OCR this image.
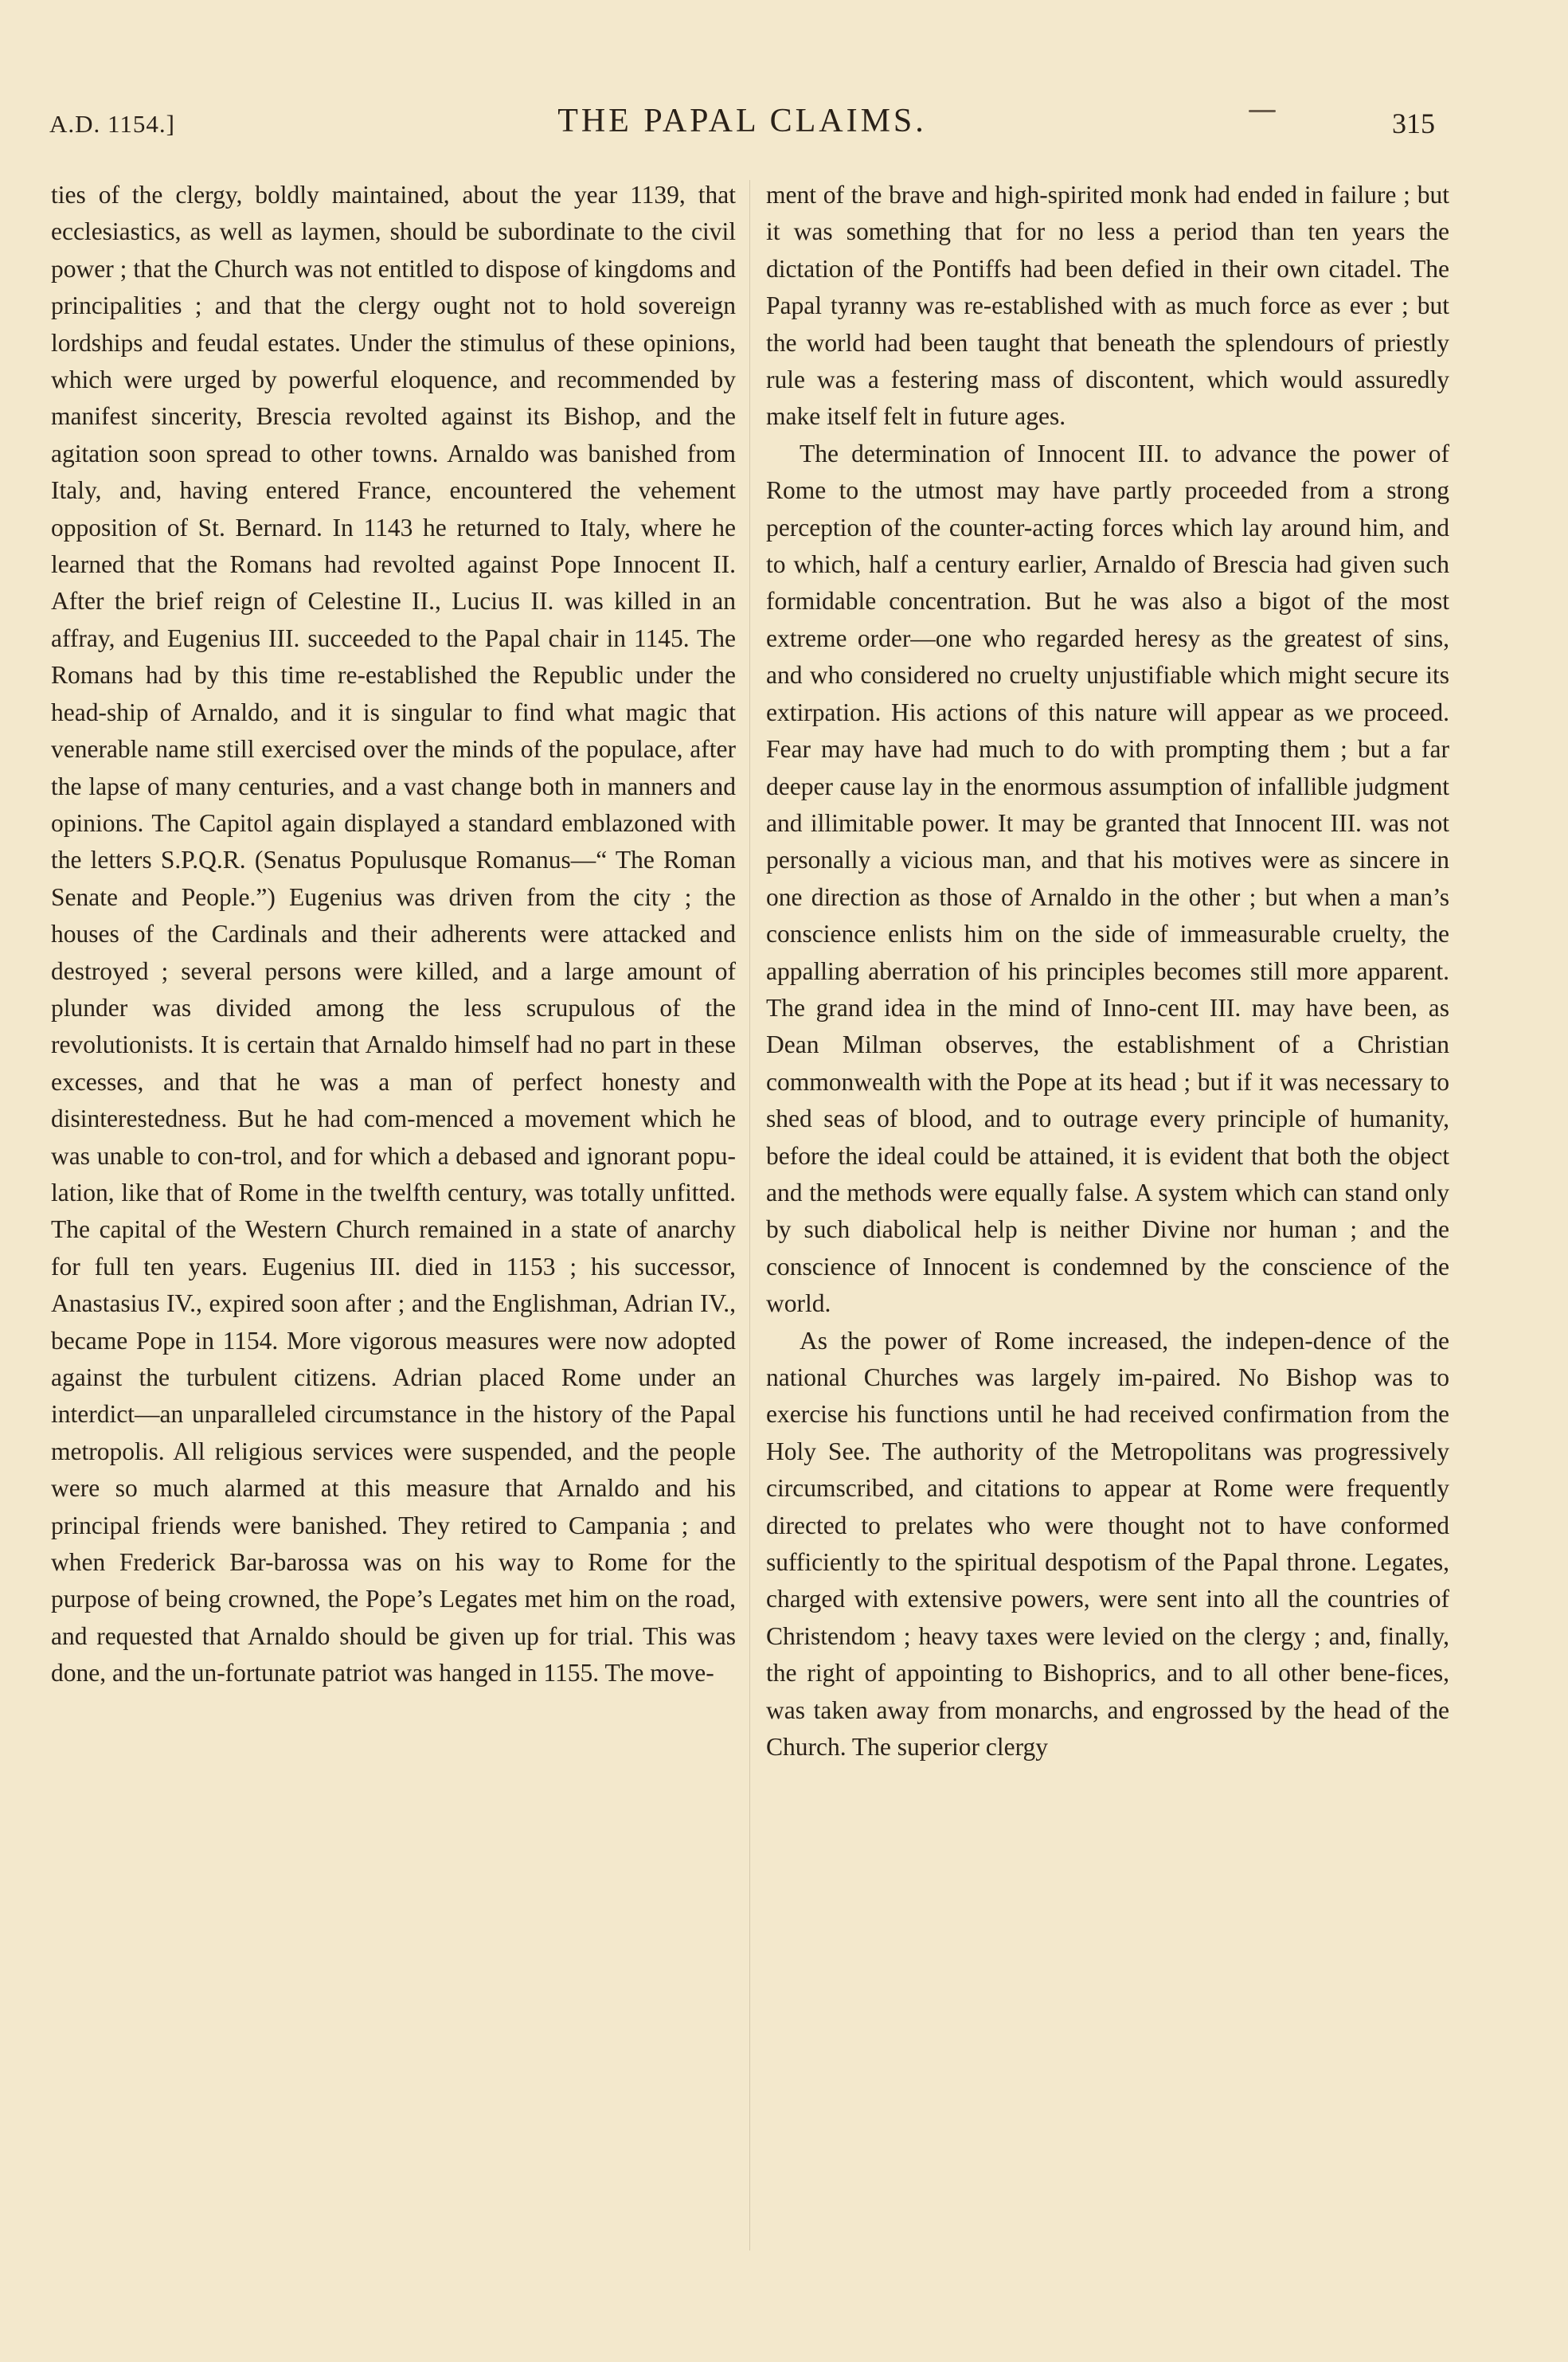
A.D. 1154.]	THE PAPAL CLAIMS.	315

ties of the clergy, boldly maintained, about the year 1139, that ecclesiastics, as well as laymen, should be subordinate to the civil power ; that the Church was not entitled to dispose of kingdoms and principalities ; and that the clergy ought not to hold sovereign lordships and feudal estates. Under the stimulus of these opinions, which were urged by powerful eloquence, and recommended by manifest sincerity, Brescia revolted against its Bishop, and the agitation soon spread to other towns. Arnaldo was banished from Italy, and, having entered France, encountered the vehement opposition of St. Bernard. In 1143 he returned to Italy, where he learned that the Romans had revolted against Pope Innocent II. After the brief reign of Celestine II., Lucius II. was killed in an affray, and Eugenius III. succeeded to the Papal chair in 1145. The Romans had by this time re-established the Republic under the head-ship of Arnaldo, and it is singular to find what magic that venerable name still exercised over the minds of the populace, after the lapse of many centuries, and a vast change both in manners and opinions. The Capitol again displayed a standard emblazoned with the letters S.P.Q.R. (Senatus Populusque Romanus—“ The Roman Senate and People.”) Eugenius was driven from the city ; the houses of the Cardinals and their adherents were attacked and destroyed ; several persons were killed, and a large amount of plunder was divided among the less scrupulous of the revolutionists. It is certain that Arnaldo himself had no part in these excesses, and that he was a man of perfect honesty and disinterestedness. But he had com-menced a movement which he was unable to con-trol, and for which a debased and ignorant popu-lation, like that of Rome in the twelfth century, was totally unfitted. The capital of the Western Church remained in a state of anarchy for full ten years. Eugenius III. died in 1153 ; his successor, Anastasius IV., expired soon after ; and the Englishman, Adrian IV., became Pope in 1154. More vigorous measures were now adopted against the turbulent citizens. Adrian placed Rome under an interdict—an unparalleled circumstance in the history of the Papal metropolis. All religious services were suspended, and the people were so much alarmed at this measure that Arnaldo and his principal friends were banished. They retired to Campania ; and when Frederick Bar-barossa was on his way to Rome for the purpose of being crowned, the Pope’s Legates met him on the road, and requested that Arnaldo should be given up for trial. This was done, and the un-fortunate patriot was hanged in 1155. The move-

ment of the brave and high-spirited monk had ended in failure ; but it was something that for no less a period than ten years the dictation of the Pontiffs had been defied in their own citadel. The Papal tyranny was re-established with as much force as ever ; but the world had been taught that beneath the splendours of priestly rule was a festering mass of discontent, which would assuredly make itself felt in future ages.

The determination of Innocent III. to advance the power of Rome to the utmost may have partly proceeded from a strong perception of the counter-acting forces which lay around him, and to which, half a century earlier, Arnaldo of Brescia had given such formidable concentration. But he was also a bigot of the most extreme order—one who regarded heresy as the greatest of sins, and who considered no cruelty unjustifiable which might secure its extirpation. His actions of this nature will appear as we proceed. Fear may have had much to do with prompting them ; but a far deeper cause lay in the enormous assumption of infallible judgment and illimitable power. It may be granted that Innocent III. was not personally a vicious man, and that his motives were as sincere in one direction as those of Arnaldo in the other ; but when a man’s conscience enlists him on the side of immeasurable cruelty, the appalling aberration of his principles becomes still more apparent. The grand idea in the mind of Inno-cent III. may have been, as Dean Milman observes, the establishment of a Christian commonwealth with the Pope at its head ; but if it was necessary to shed seas of blood, and to outrage every principle of humanity, before the ideal could be attained, it is evident that both the object and the methods were equally false. A system which can stand only by such diabolical help is neither Divine nor human ; and the conscience of Innocent is condemned by the conscience of the world.

As the power of Rome increased, the indepen-dence of the national Churches was largely im-paired. No Bishop was to exercise his functions until he had received confirmation from the Holy See. The authority of the Metropolitans was progressively circumscribed, and citations to appear at Rome were frequently directed to prelates who were thought not to have conformed sufficiently to the spiritual despotism of the Papal throne. Legates, charged with extensive powers, were sent into all the countries of Christendom ; heavy taxes were levied on the clergy ; and, finally, the right of appointing to Bishoprics, and to all other bene-fices, was taken away from monarchs, and engrossed by the head of the Church. The superior clergy
